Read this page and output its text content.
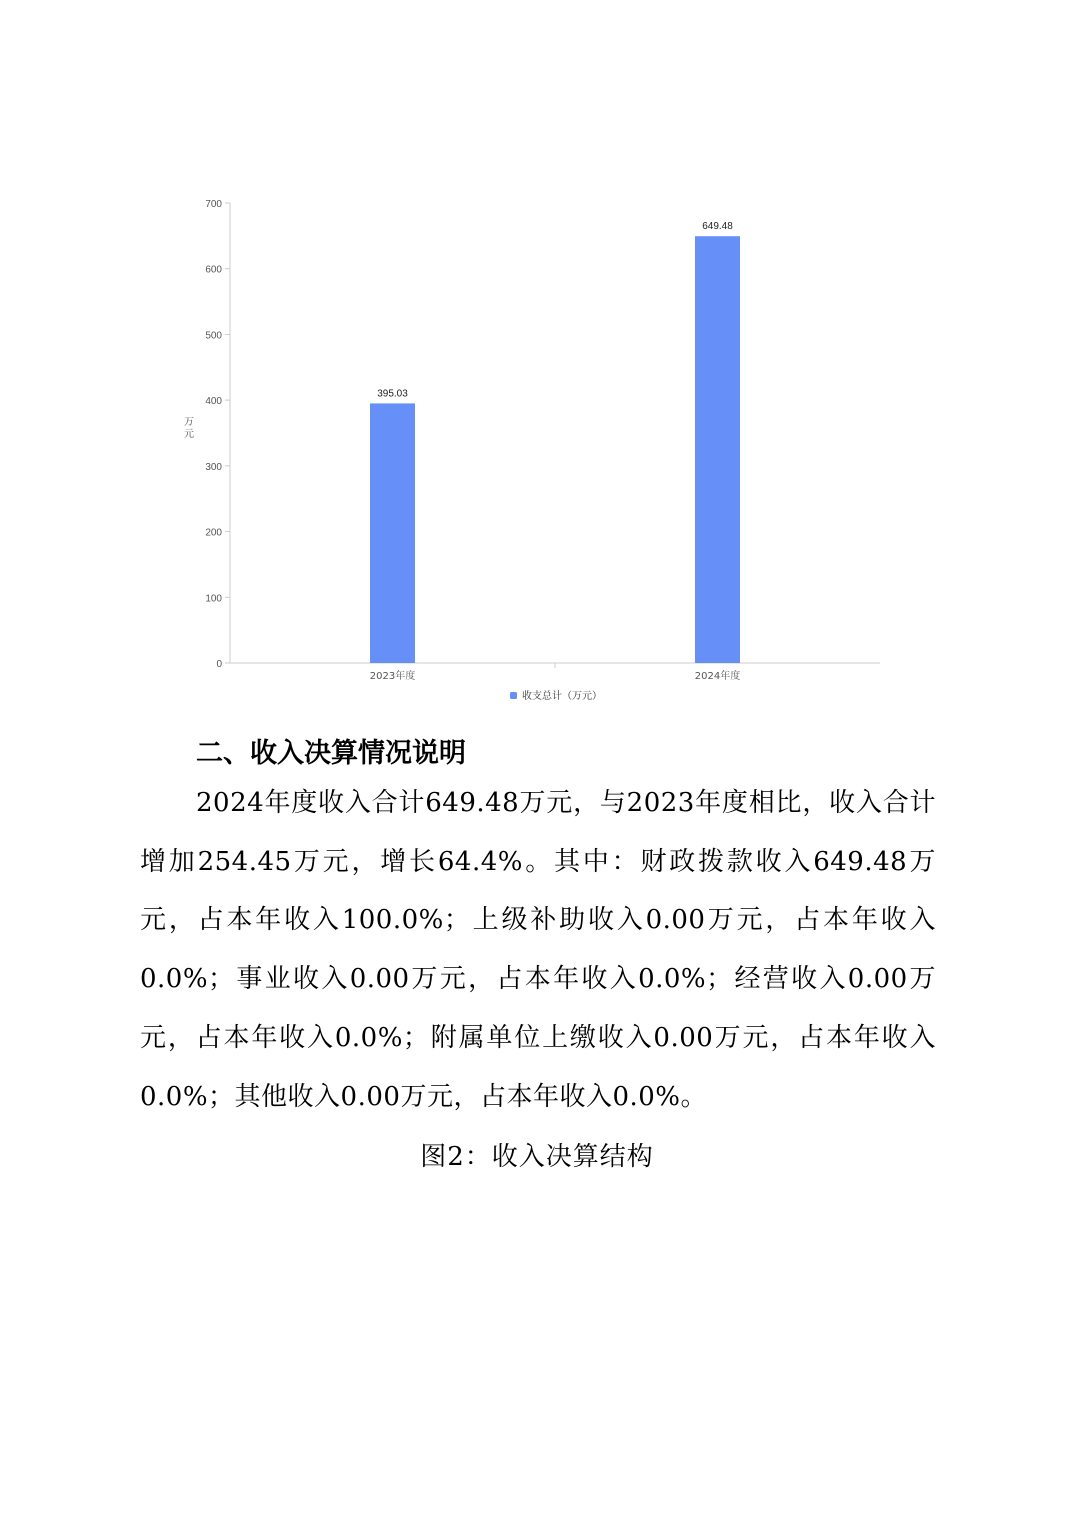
0
100
200
300
400
500
600
700
万
元
395.03
2023年度
649.48
2024年度
收支总计（万元）
二、收入决算情况说明

2024年度收入合计649.48万元，与2023年度相比，收入合计增加254.45万元，增长64.4%。其中：财政拨款收入649.48万元，占本年收入100.0%；上级补助收入0.00万元，占本年收入0.0%；事业收入0.00万元，占本年收入0.0%；经营收入0.00万元，占本年收入0.0%；附属单位上缴收入0.00万元，占本年收入0.0%；其他收入0.00万元，占本年收入0.0%。

图2：收入决算结构
